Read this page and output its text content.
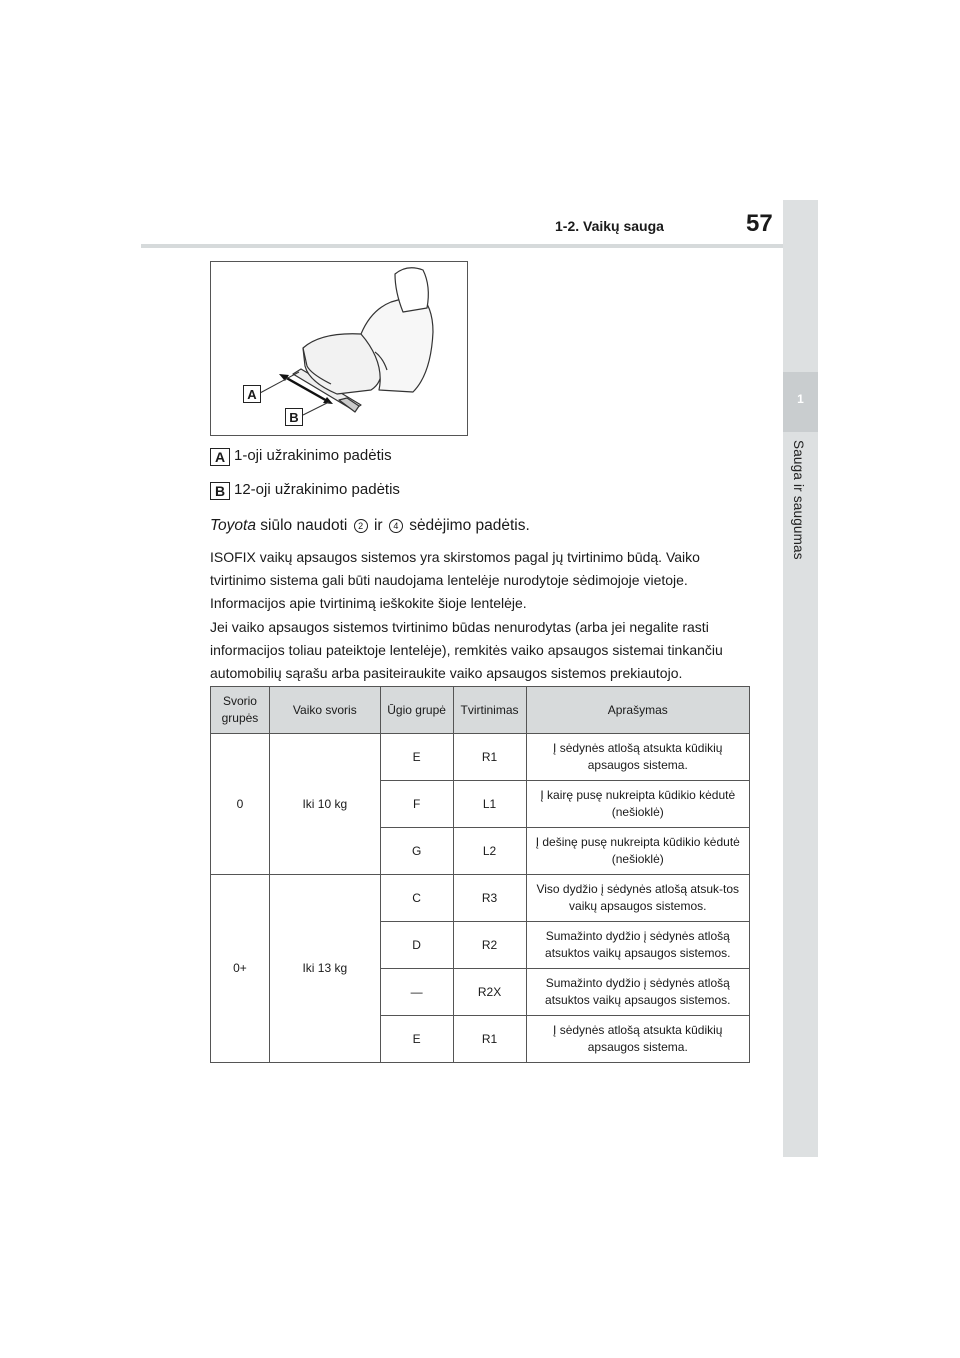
1
Sauga ir saugumas
1-2. Vaikų sauga	57
A
B
A 1-oji užrakinimo padėtis
B 12-oji užrakinimo padėtis
Toyota siūlo naudoti 2 ir 4 sėdėjimo padėtis.

ISOFIX vaikų apsaugos sistemos yra skirstomos pagal jų tvirtinimo būdą. Vaiko tvirtinimo sistema gali būti naudojama lentelėje nurodytoje sėdimojoje vietoje. Informacijos apie tvirtinimą ieškokite šioje lentelėje.

Jei vaiko apsaugos sistemos tvirtinimo būdas nenurodytas (arba jei negalite rasti informacijos toliau pateiktoje lentelėje), remkitės vaiko apsaugos sistemai tinkančiu automobilių sąrašu arba pasiteiraukite vaiko apsaugos sistemos prekiautojo.

Svorio grupės	Vaiko svoris	Ūgio grupė	Tvirtinimas	Aprašymas
0	Iki 10 kg	E	R1	Į sėdynės atlošą atsukta kūdikių apsaugos sistema.
		F	L1	Į kairę pusę nukreipta kūdikio kėdutė (nešioklė)
		G	L2	Į dešinę pusę nukreipta kūdikio kėdutė (nešioklė)
0+	Iki 13 kg	C	R3	Viso dydžio į sėdynės atlošą atsuk-tos vaikų apsaugos sistemos.
		D	R2	Sumažinto dydžio į sėdynės atlošą atsuktos vaikų apsaugos sistemos.
		—	R2X	Sumažinto dydžio į sėdynės atlošą atsuktos vaikų apsaugos sistemos.
		E	R1	Į sėdynės atlošą atsukta kūdikių apsaugos sistema.
